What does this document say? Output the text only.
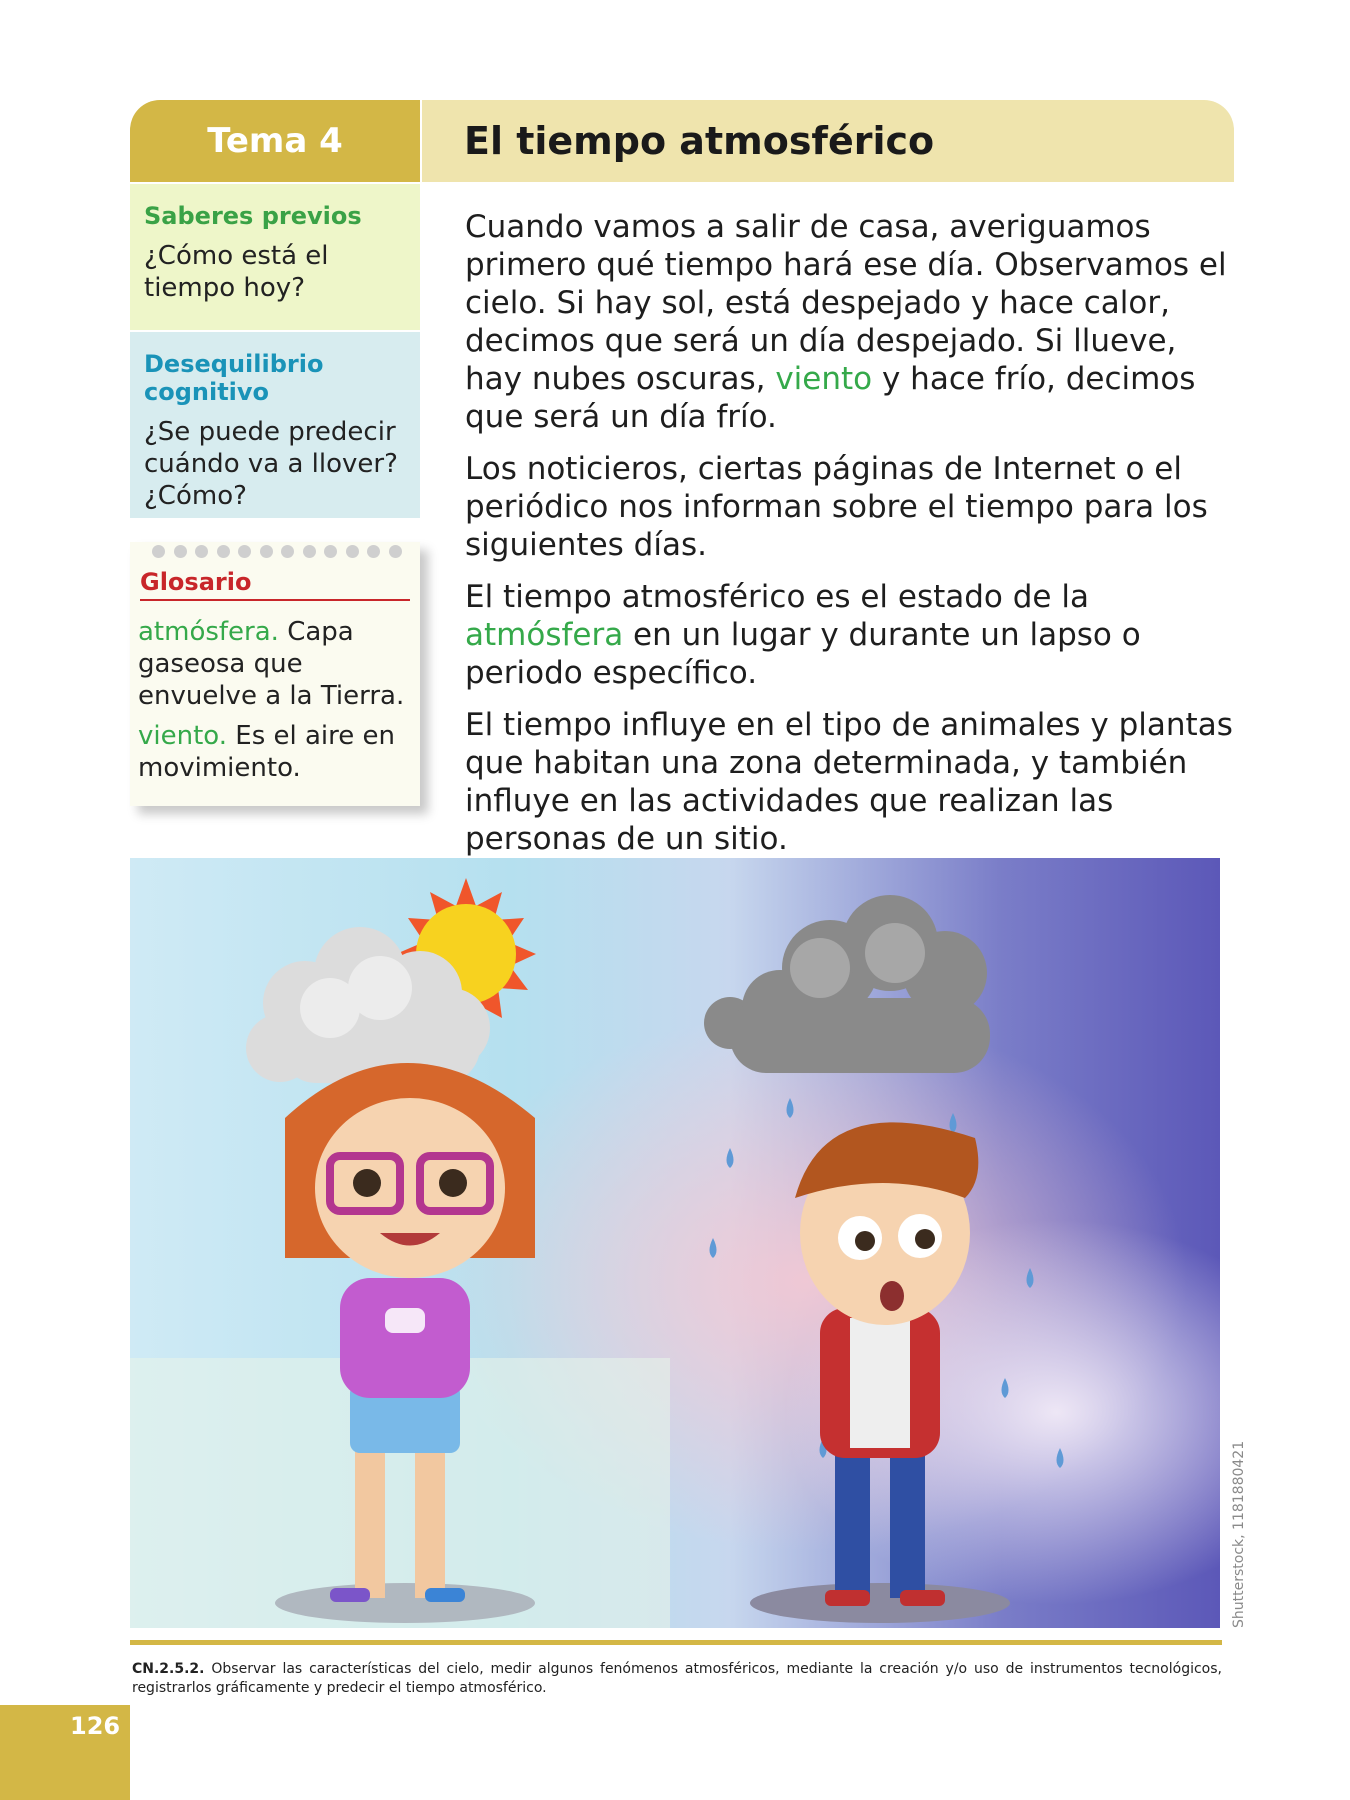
Tema 4	El tiempo atmosférico
Saberes previos

¿Cómo está el tiempo hoy?

Desequilibrio cognitivo

¿Se puede predecir cuándo va a llover? ¿Cómo?

Glosario

atmósfera. Capa gaseosa que envuelve a la Tierra.

viento. Es el aire en movimiento.

Cuando vamos a salir de casa, averiguamos primero qué tiempo hará ese día. Observamos el cielo. Si hay sol, está despejado y hace calor, decimos que será un día despejado. Si llueve, hay nubes oscuras, viento y hace frío, decimos que será un día frío.

Los noticieros, ciertas páginas de Internet o el periódico nos informan sobre el tiempo para los siguientes días.

El tiempo atmosférico es el estado de la atmósfera en un lugar y durante un lapso o periodo específico.

El tiempo influye en el tipo de animales y plantas que habitan una zona determinada, y también influye en las actividades que realizan las personas de un sitio.

Shutterstock, 1181880421
CN.2.5.2. Observar las características del cielo, medir algunos fenómenos atmosféricos, mediante la creación y/o uso de instrumentos tecnológicos, registrarlos gráficamente y predecir el tiempo atmosférico.
126
